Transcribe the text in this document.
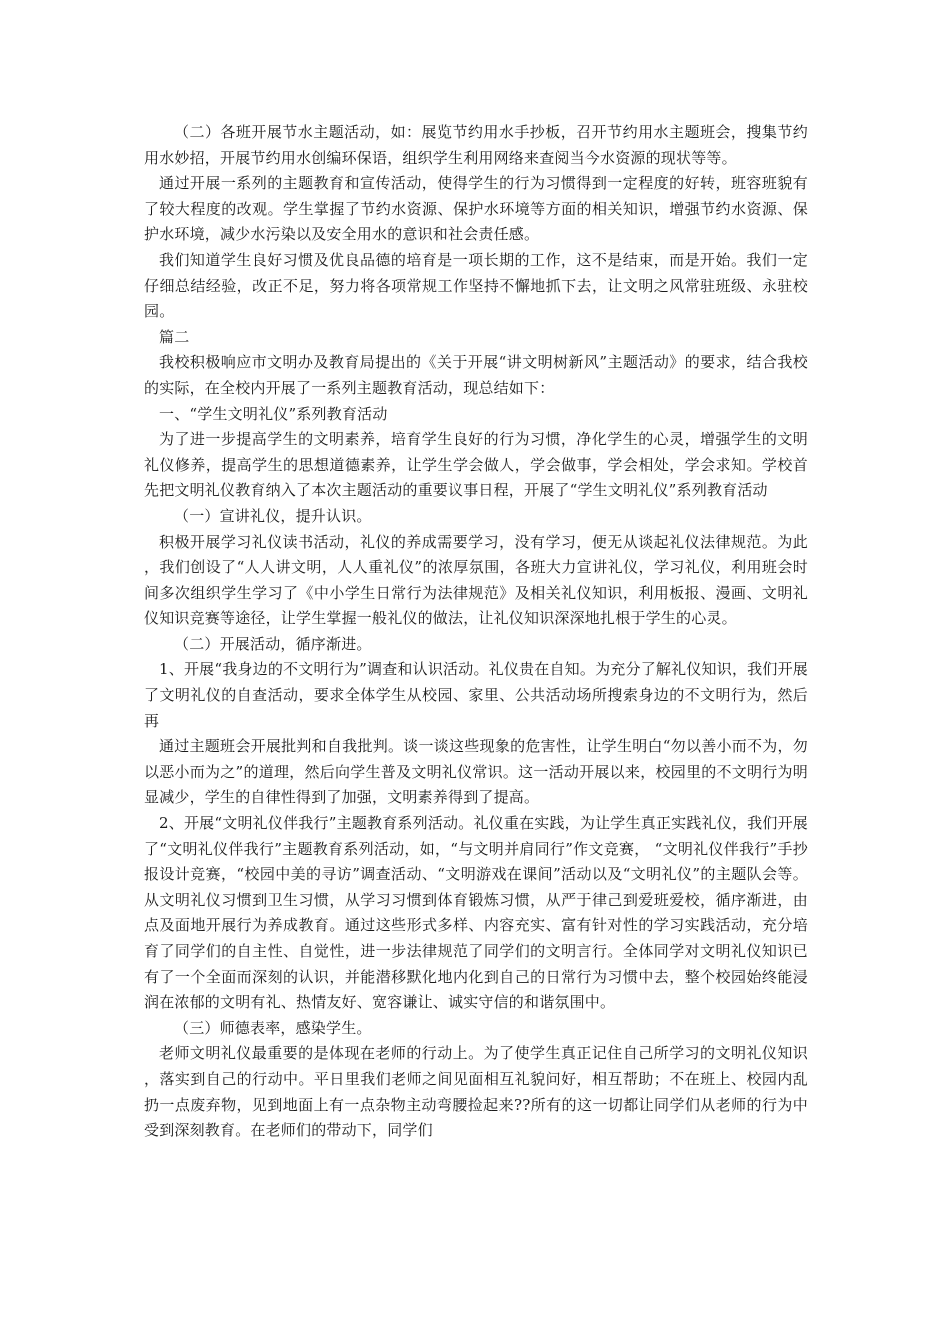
（二）各班开展节水主题活动，如：展览节约用水手抄板，召开节约用水主题班会，搜集节约用水妙招，开展节约用水创编环保语，组织学生利用网络来查阅当今水资源的现状等等。

通过开展一系列的主题教育和宣传活动，使得学生的行为习惯得到一定程度的好转，班容班貌有了较大程度的改观。学生掌握了节约水资源、保护水环境等方面的相关知识，增强节约水资源、保护水环境，减少水污染以及安全用水的意识和社会责任感。

我们知道学生良好习惯及优良品德的培育是一项长期的工作，这不是结束，而是开始。我们一定仔细总结经验，改正不足，努力将各项常规工作坚持不懈地抓下去，让文明之风常驻班级、永驻校园。

篇二

我校积极响应市文明办及教育局提出的《关于开展“讲文明树新风”主题活动》的要求，结合我校的实际，在全校内开展了一系列主题教育活动，现总结如下：

一、“学生文明礼仪”系列教育活动

为了进一步提高学生的文明素养，培育学生良好的行为习惯，净化学生的心灵，增强学生的文明礼仪修养，提高学生的思想道德素养，让学生学会做人，学会做事，学会相处，学会求知。学校首先把文明礼仪教育纳入了本次主题活动的重要议事日程，开展了“学生文明礼仪”系列教育活动

（一）宣讲礼仪，提升认识。

积极开展学习礼仪读书活动，礼仪的养成需要学习，没有学习，便无从谈起礼仪法律规范。为此，我们创设了“人人讲文明，人人重礼仪”的浓厚氛围，各班大力宣讲礼仪，学习礼仪，利用班会时间多次组织学生学习了《中小学生日常行为法律规范》及相关礼仪知识，利用板报、漫画、文明礼仪知识竞赛等途径，让学生掌握一般礼仪的做法，让礼仪知识深深地扎根于学生的心灵。

（二）开展活动，循序渐进。

1、开展“我身边的不文明行为”调查和认识活动。礼仪贵在自知。为充分了解礼仪知识，我们开展了文明礼仪的自查活动，要求全体学生从校园、家里、公共活动场所搜索身边的不文明行为，然后再

通过主题班会开展批判和自我批判。谈一谈这些现象的危害性，让学生明白“勿以善小而不为，勿以恶小而为之”的道理，然后向学生普及文明礼仪常识。这一活动开展以来，校园里的不文明行为明显减少，学生的自律性得到了加强，文明素养得到了提高。

2、开展“文明礼仪伴我行”主题教育系列活动。礼仪重在实践，为让学生真正实践礼仪，我们开展了“文明礼仪伴我行”主题教育系列活动，如，“与文明并肩同行”作文竞赛， “文明礼仪伴我行”手抄报设计竞赛，“校园中美的寻访”调查活动、“文明游戏在课间”活动以及“文明礼仪”的主题队会等。从文明礼仪习惯到卫生习惯，从学习习惯到体育锻炼习惯，从严于律己到爱班爱校，循序渐进，由点及面地开展行为养成教育。通过这些形式多样、内容充实、富有针对性的学习实践活动，充分培育了同学们的自主性、自觉性，进一步法律规范了同学们的文明言行。全体同学对文明礼仪知识已有了一个全面而深刻的认识，并能潜移默化地内化到自己的日常行为习惯中去，整个校园始终能浸润在浓郁的文明有礼、热情友好、宽容谦让、诚实守信的和谐氛围中。

（三）师德表率，感染学生。

老师文明礼仪最重要的是体现在老师的行动上。为了使学生真正记住自己所学习的文明礼仪知识，落实到自己的行动中。平日里我们老师之间见面相互礼貌问好，相互帮助；不在班上、校园内乱扔一点废弃物，见到地面上有一点杂物主动弯腰捡起来??所有的这一切都让同学们从老师的行为中受到深刻教育。在老师们的带动下，同学们
